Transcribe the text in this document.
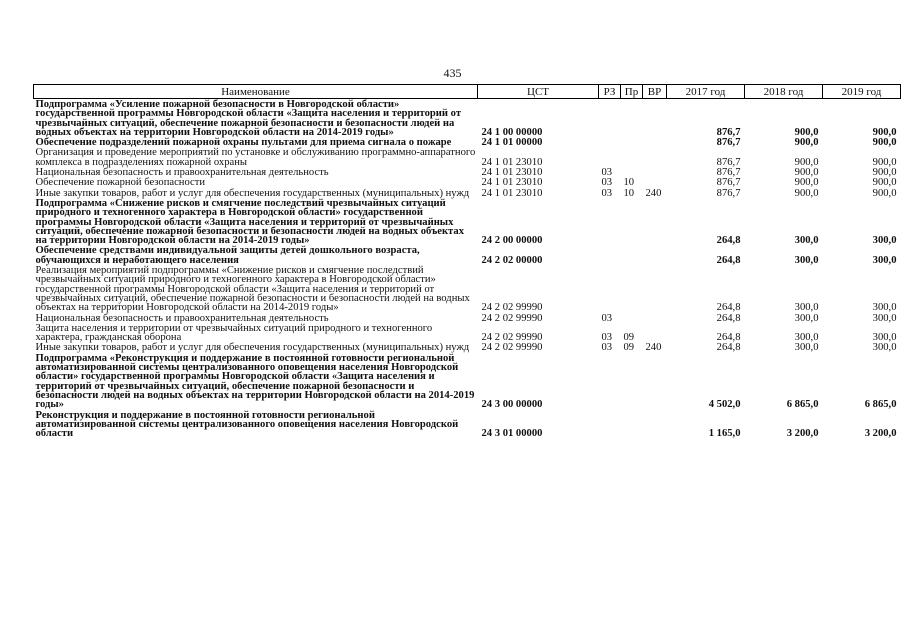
435
Наименование	ЦСТ	РЗ	Пр	ВР	2017 год	2018 год	2019 год
Подпрограмма «Усиление пожарной безопасности в Новгородской области» государственной программы Новгородской области «Защита населения и территорий от чрезвычайных ситуаций, обеспечение пожарной безопасности и безопасности людей на водных объектах на территории Новгородской области на 2014-2019 годы»	24 1 00 00000				876,7	900,0	900,0
Обеспечение подразделений пожарной охраны пультами для приема сигнала о пожаре	24 1 01 00000				876,7	900,0	900,0
Организация и проведение мероприятий по установке и обслуживанию программно-аппаратного комплекса в подразделениях пожарной охраны	24 1 01 23010				876,7	900,0	900,0
Национальная безопасность и правоохранительная деятельность	24 1 01 23010	03			876,7	900,0	900,0
Обеспечение пожарной безопасности	24 1 01 23010	03	10		876,7	900,0	900,0
Иные закупки товаров, работ и услуг для обеспечения государственных (муниципальных) нужд	24 1 01 23010	03	10	240	876,7	900,0	900,0
Подпрограмма «Снижение рисков и смягчение последствий чрезвычайных ситуаций природного и техногенного характера в Новгородской области» государственной программы Новгородской области «Защита населения и территорий от чрезвычайных ситуаций, обеспечение пожарной безопасности и безопасности людей на водных объектах на территории Новгородской области на 2014-2019 годы»	24 2 00 00000				264,8	300,0	300,0
Обеспечение средствами индивидуальной защиты детей дошкольного возраста, обучающихся и неработающего населения	24 2 02 00000				264,8	300,0	300,0
Реализация мероприятий подпрограммы «Снижение рисков и смягчение последствий чрезвычайных ситуаций природного и техногенного характера в Новгородской области» государственной программы Новгородской области «Защита населения и территорий от чрезвычайных ситуаций, обеспечение пожарной безопасности и безопасности людей на водных объектах на территории Новгородской области на 2014-2019 годы»	24 2 02 99990				264,8	300,0	300,0
Национальная безопасность и правоохранительная деятельность	24 2 02 99990	03			264,8	300,0	300,0
Защита населения и территории от чрезвычайных ситуаций природного и техногенного характера, гражданская оборона	24 2 02 99990	03	09		264,8	300,0	300,0
Иные закупки товаров, работ и услуг для обеспечения государственных (муниципальных) нужд	24 2 02 99990	03	09	240	264,8	300,0	300,0
Подпрограмма «Реконструкция и поддержание в постоянной готовности региональной автоматизированной системы централизованного оповещения населения Новгородской области» государственной программы Новгородской области «Защита населения и территорий от чрезвычайных ситуаций, обеспечение пожарной безопасности и безопасности людей на водных объектах на территории Новгородской области на 2014-2019 годы»	24 3 00 00000				4 502,0	6 865,0	6 865,0
Реконструкция и поддержание в постоянной готовности региональной автоматизированной системы централизованного оповещения населения Новгородской области	24 3 01 00000				1 165,0	3 200,0	3 200,0
